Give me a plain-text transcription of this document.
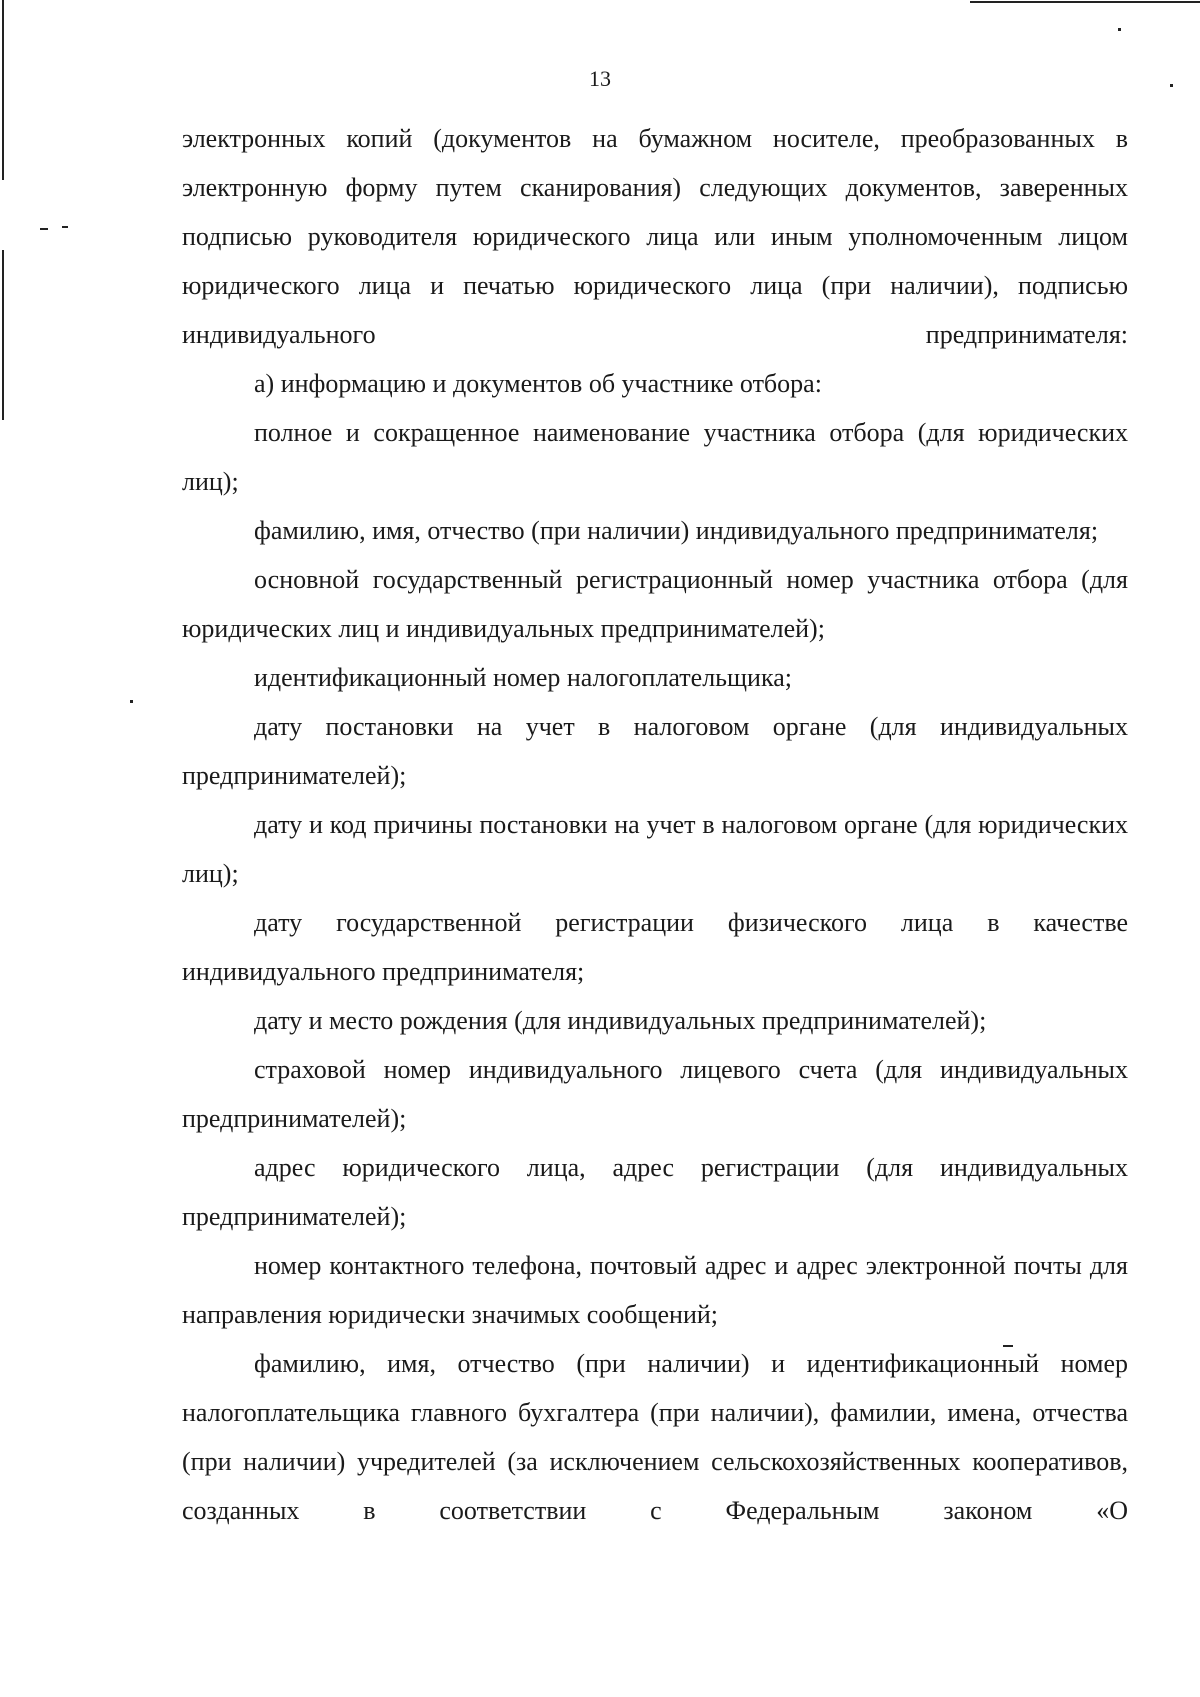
13

электронных копий (документов на бумажном носителе, преобразованных в электронную форму путем сканирования) следующих документов, заверенных подписью руководителя юридического лица или иным уполномоченным лицом юридического лица и печатью юридического лица (при наличии), подписью индивидуального предпринимателя:

а) информацию и документов об участнике отбора:

полное и сокращенное наименование участника отбора (для юридических лиц);

фамилию, имя, отчество (при наличии) индивидуального предпринимателя;

основной государственный регистрационный номер участника отбора (для юридических лиц и индивидуальных предпринимателей);

идентификационный номер налогоплательщика;

дату постановки на учет в налоговом органе (для индивидуальных предпринимателей);

дату и код причины постановки на учет в налоговом органе (для юридических лиц);

дату государственной регистрации физического лица в качестве индивидуального предпринимателя;

дату и место рождения (для индивидуальных предпринимателей);

страховой номер индивидуального лицевого счета (для индивидуальных предпринимателей);

адрес юридического лица, адрес регистрации (для индивидуальных предпринимателей);

номер контактного телефона, почтовый адрес и адрес электронной почты для направления юридически значимых сообщений;

фамилию, имя, отчество (при наличии) и идентификационный номер налогоплательщика главного бухгалтера (при наличии), фамилии, имена, отчества (при наличии) учредителей (за исключением сельскохозяйственных кооперативов, созданных в соответствии с Федеральным законом «О
